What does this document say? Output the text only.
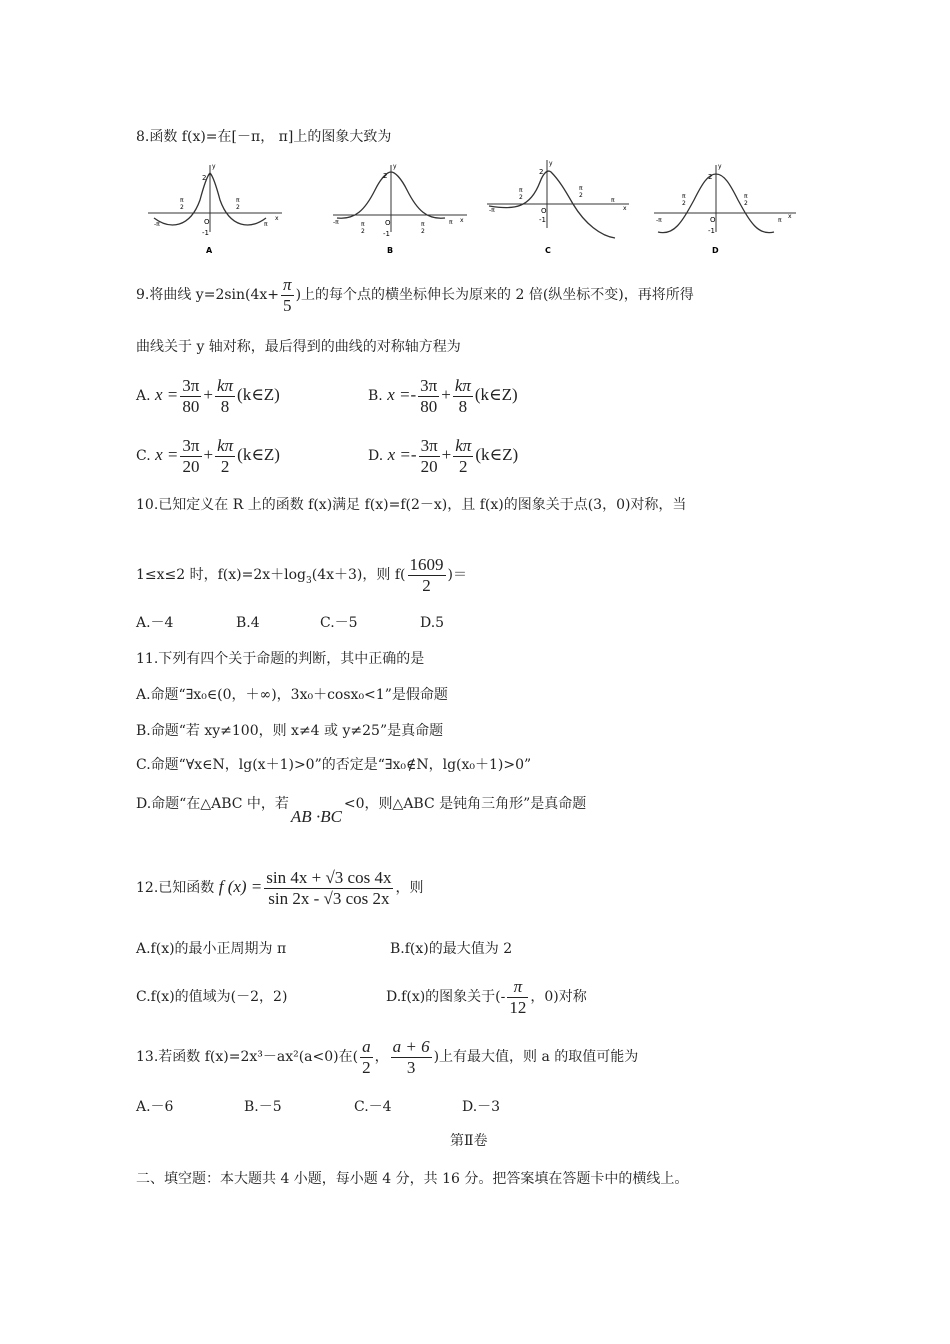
8.函数 f(x)=在[－π， π]上的图象大致为
y
x
2
O
-1
π
2
π
2
-π	π
A
y
x
2
O
-1
π
2
π
2
-π	π
B
y
x
2
O
-1
π
2
π
2
-π
π
C
y
x
2
O
-1
π
2
π
2
-π	π
D
9.将曲线 $y=2\sin(4x+ \frac{\pi}{5}$ )上的每个点的横坐标伸长为原来的 2 倍(纵坐标不变)，再将所得
曲线关于 y 轴对称，最后得到的曲线的对称轴方程为
A. $x = \frac{3\pi}{80} + \frac{k\pi}{8}$ (k∈Z)	B. $x =- \frac{3\pi}{80} + \frac{k\pi}{8}$ (k∈Z)
C. $x = \frac{3\pi}{20} + \frac{k\pi}{2}$ (k∈Z)	D. $x =- \frac{3\pi}{20} + \frac{k\pi}{2}$ (k∈Z)
10.已知定义在 R 上的函数 f(x)满足 f(x)=f(2－x)，且 f(x)的图象关于点(3，0)对称，当
1≤x≤2 时，$f(x)=2x+\log_3(4x+3)$，则 $f( \frac{1609}{2}$ )＝
A.－4	B.4	C.－5	D.5
11.下列有四个关于命题的判断，其中正确的是
A.命题“∃x₀∈(0，＋∞)，3x₀＋cosx₀<1”是假命题
B.命题“若 xy≠100，则 x≠4 或 y≠25”是真命题
C.命题“∀x∈N，lg(x＋1)>0”的否定是“∃x₀∉N，lg(x₀＋1)>0”
D.命题“在△ABC 中，若AB ·BC<0，则△ABC 是钝角三角形”是真命题
12.已知函数 f $(x) = \frac{\sin 4x + √3 \cos 4x}{\sin 2x - √3 \cos 2x}$ ，则
A.f(x)的最小正周期为 π	B.f(x)的最大值为 2
C.f(x)的值域为(－2，2)	D.f(x)的图象关于(- $\frac{\pi}{12}$ ，0)对称
13.若函数 f(x)=2x³－ax²(a<0)在( $\frac{a}{2}$ ， $\frac{a + 6}{3}$ )上有最大值，则 a 的取值可能为
A.－6	B.－5	C.－4	D.－3
第Ⅱ卷
二、填空题：本大题共 4 小题，每小题 4 分，共 16 分。把答案填在答题卡中的横线上。
